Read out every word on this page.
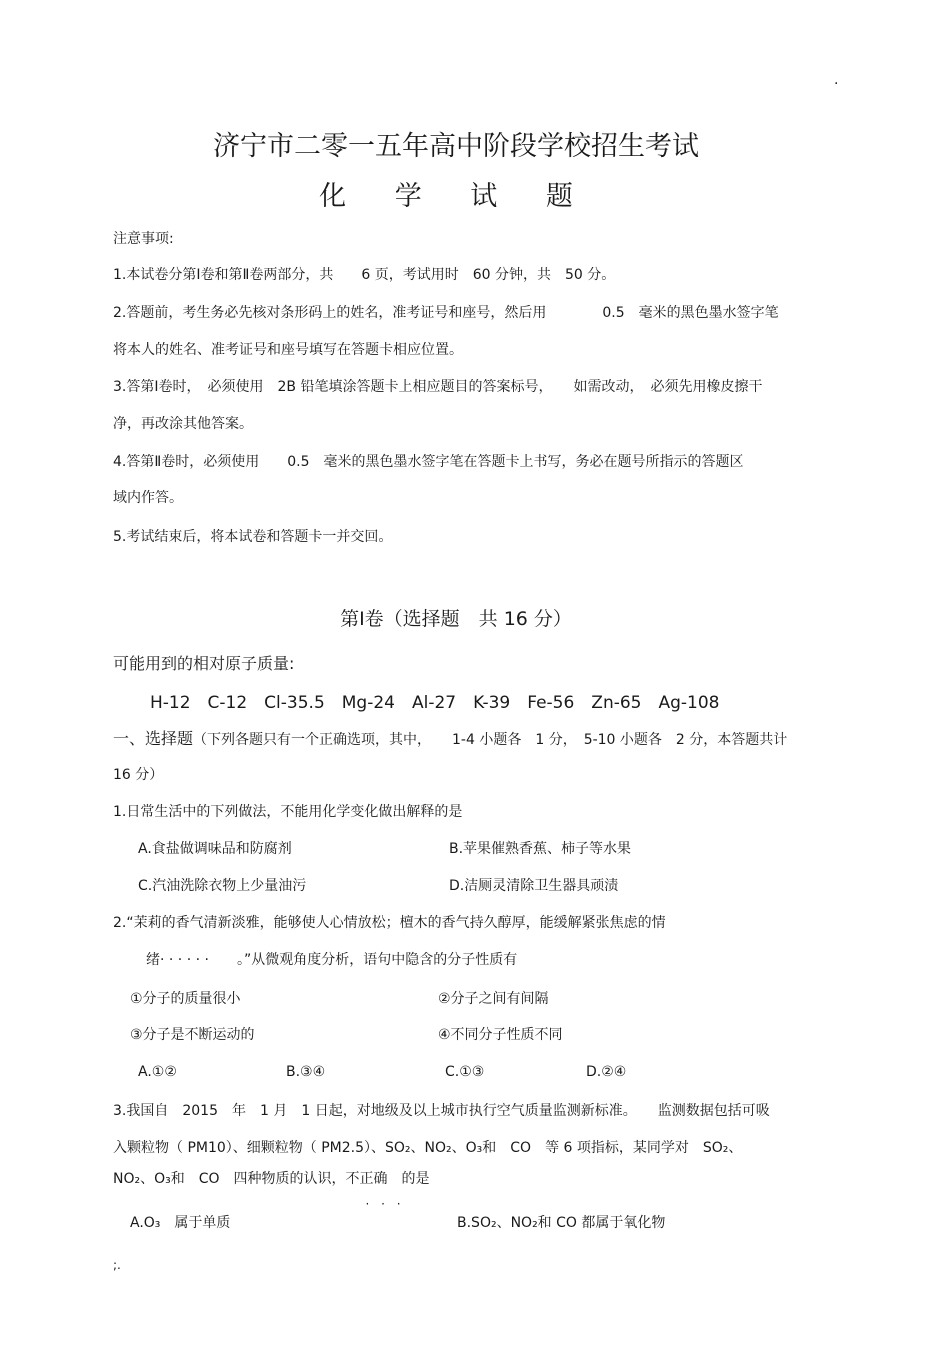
·
济宁市二零一五年高中阶段学校招生考试
化 学 试 题
注意事项:
1.本试卷分第Ⅰ卷和第Ⅱ卷两部分，共　　6 页，考试用时　60 分钟，共　50 分。
2.答题前，考生务必先核对条形码上的姓名，准考证号和座号，然后用　　　　0.5　毫米的黑色墨水签字笔
将本人的姓名、准考证号和座号填写在答题卡相应位置。
3.答第Ⅰ卷时，　必须使用　2B 铅笔填涂答题卡上相应题目的答案标号，　　如需改动，　必须先用橡皮擦干
净，再改涂其他答案。
4.答第Ⅱ卷时，必须使用　　0.5　毫米的黑色墨水签字笔在答题卡上书写，务必在题号所指示的答题区
域内作答。
5.考试结束后，将本试卷和答题卡一并交回。
第Ⅰ卷（选择题　共 16 分）
可能用到的相对原子质量:
H-12　C-12　Cl-35.5　Mg-24　Al-27　K-39　Fe-56　Zn-65　Ag-108
一、选择题（下列各题只有一个正确选项，其中，　　1-4 小题各　1 分，　5-10 小题各　2 分，本答题共计
16 分）
1.日常生活中的下列做法，不能用化学变化做出解释的是
A.食盐做调味品和防腐剂	B.苹果催熟香蕉、柿子等水果
C.汽油洗除衣物上少量油污	D.洁厕灵清除卫生器具顽渍
2.“茉莉的香气清新淡雅，能够使人心情放松；檀木的香气持久醇厚，能缓解紧张焦虑的情
绪· · · · · ·　　。”从微观角度分析，语句中隐含的分子性质有
①分子的质量很小	②分子之间有间隔
③分子是不断运动的	④不同分子性质不同
A.①②	B.③④	C.①③	D.②④
3.我国自　2015　年　1 月　1 日起，对地级及以上城市执行空气质量监测新标准。　　监测数据包括可吸
入颗粒物（ PM10）、细颗粒物（ PM2.5）、SO₂、NO₂、O₃和　CO　等 6 项指标，某同学对　SO₂、
NO₂、O₃和　CO　四种物质的认识，不正确
· · ·
　的是
A.O₃　属于单质	B.SO₂、NO₂和 CO 都属于氧化物
;.
